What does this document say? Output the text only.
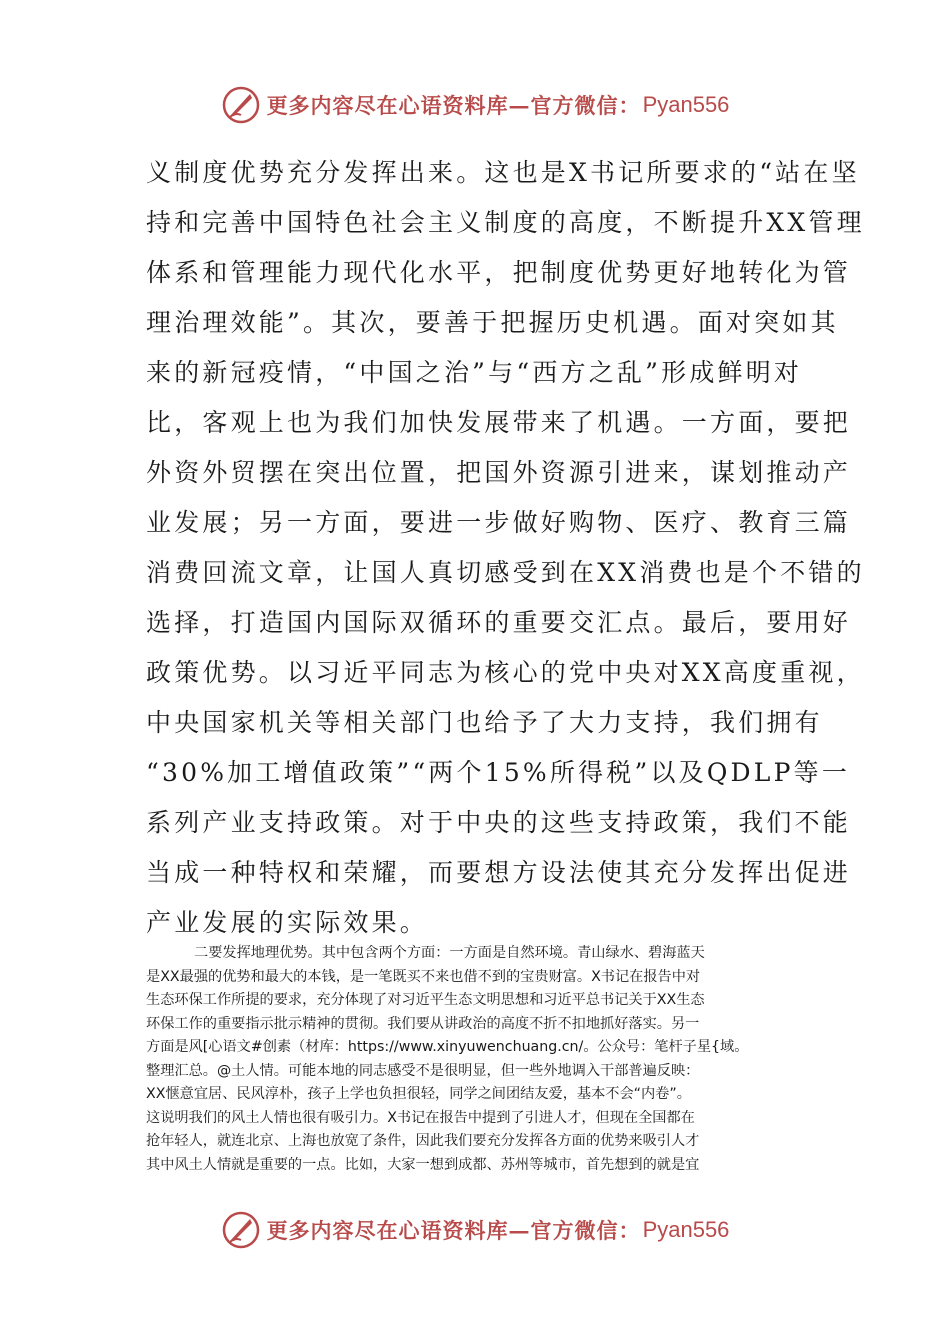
更多内容尽在心语资料库—官方微信： Pyan556
义制度优势充分发挥出来。这也是X书记所要求的“站在坚
持和完善中国特色社会主义制度的高度，不断提升XX管理
体系和管理能力现代化水平，把制度优势更好地转化为管
理治理效能”。其次，要善于把握历史机遇。面对突如其
来的新冠疫情，“中国之治”与“西方之乱”形成鲜明对
比，客观上也为我们加快发展带来了机遇。一方面，要把
外资外贸摆在突出位置，把国外资源引进来，谋划推动产
业发展；另一方面，要进一步做好购物、医疗、教育三篇
消费回流文章，让国人真切感受到在XX消费也是个不错的
选择，打造国内国际双循环的重要交汇点。最后，要用好
政策优势。以习近平同志为核心的党中央对XX高度重视，
中央国家机关等相关部门也给予了大力支持，我们拥有
“30%加工增值政策”“两个15%所得税”以及QDLP等一
系列产业支持政策。对于中央的这些支持政策，我们不能
当成一种特权和荣耀，而要想方设法使其充分发挥出促进
产业发展的实际效果。
二要发挥地理优势。其中包含两个方面：一方面是自然环境。青山绿水、碧海蓝天
是XX最强的优势和最大的本钱，是一笔既买不来也借不到的宝贵财富。X书记在报告中对
生态环保工作所提的要求，充分体现了对习近平生态文明思想和习近平总书记关于XX生态
环保工作的重要指示批示精神的贯彻。我们要从讲政治的高度不折不扣地抓好落实。另一
方面是风[心语文#创素（材库：https://www.xinyuwenchuang.cn/。公众号：笔杆子星{域。
整理汇总。@土人情。可能本地的同志感受不是很明显，但一些外地调入干部普遍反映：
XX惬意宜居、民风淳朴，孩子上学也负担很轻，同学之间团结友爱，基本不会“内卷”。
这说明我们的风土人情也很有吸引力。X书记在报告中提到了引进人才，但现在全国都在
抢年轻人，就连北京、上海也放宽了条件，因此我们要充分发挥各方面的优势来吸引人才
其中风土人情就是重要的一点。比如，大家一想到成都、苏州等城市，首先想到的就是宜
更多内容尽在心语资料库—官方微信： Pyan556
